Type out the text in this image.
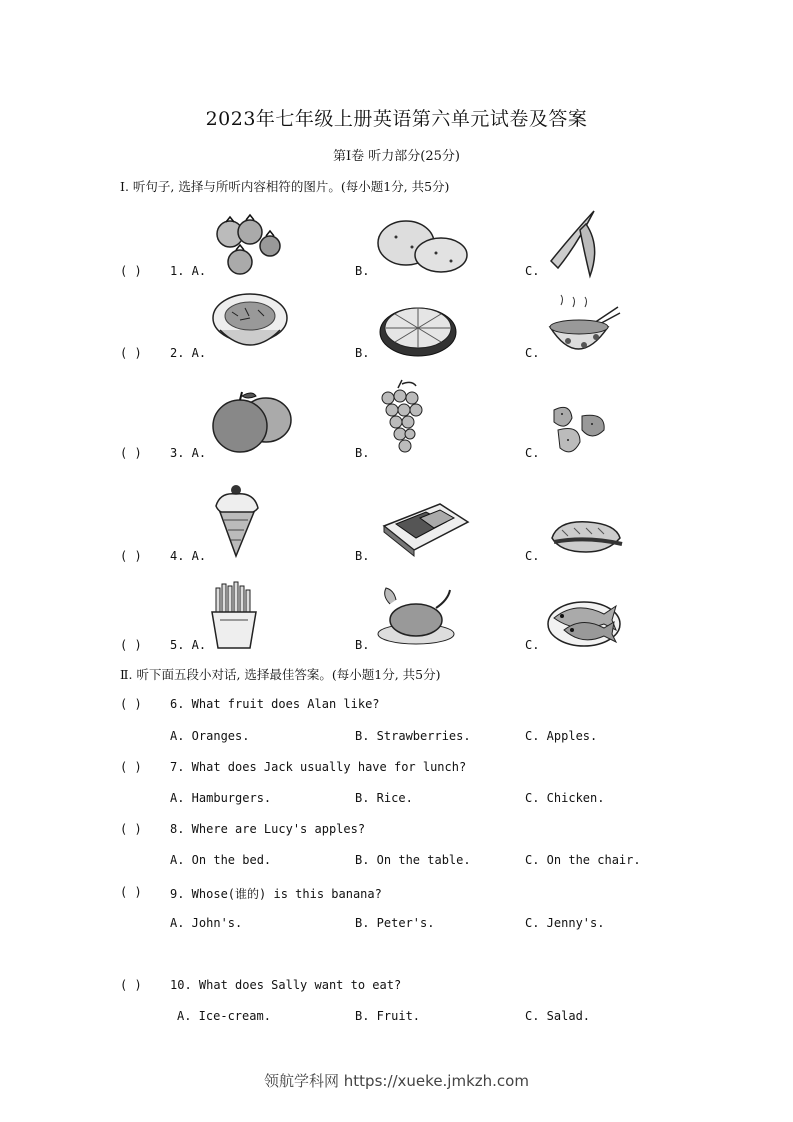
2023年七年级上册英语第六单元试卷及答案
第Ⅰ卷 听力部分(25分)
Ⅰ. 听句子, 选择与所听内容相符的图片。(每小题1分, 共5分)
( ) 1. A.	B.	C.
( ) 2. A.	B.	C.
( ) 3. A.	B.	C.
( ) 4. A.	B.	C.
( ) 5. A.	B.	C.
Ⅱ. 听下面五段小对话, 选择最佳答案。(每小题1分, 共5分)
( ) 6. What fruit does Alan like?
A. Oranges.	B. Strawberries.	C. Apples.
( ) 7. What does Jack usually have for lunch?
A. Hamburgers.	B. Rice.	C. Chicken.
( ) 8. Where are Lucy's apples?
A. On the bed.	B. On the table.	C. On the chair.
( ) 9. Whose(谁的) is this banana?
A. John's.	B. Peter's.	C. Jenny's.
( ) 10. What does Sally want to eat?
A. Ice-cream.	B. Fruit.	C. Salad.
领航学科网 https://xueke.jmkzh.com
